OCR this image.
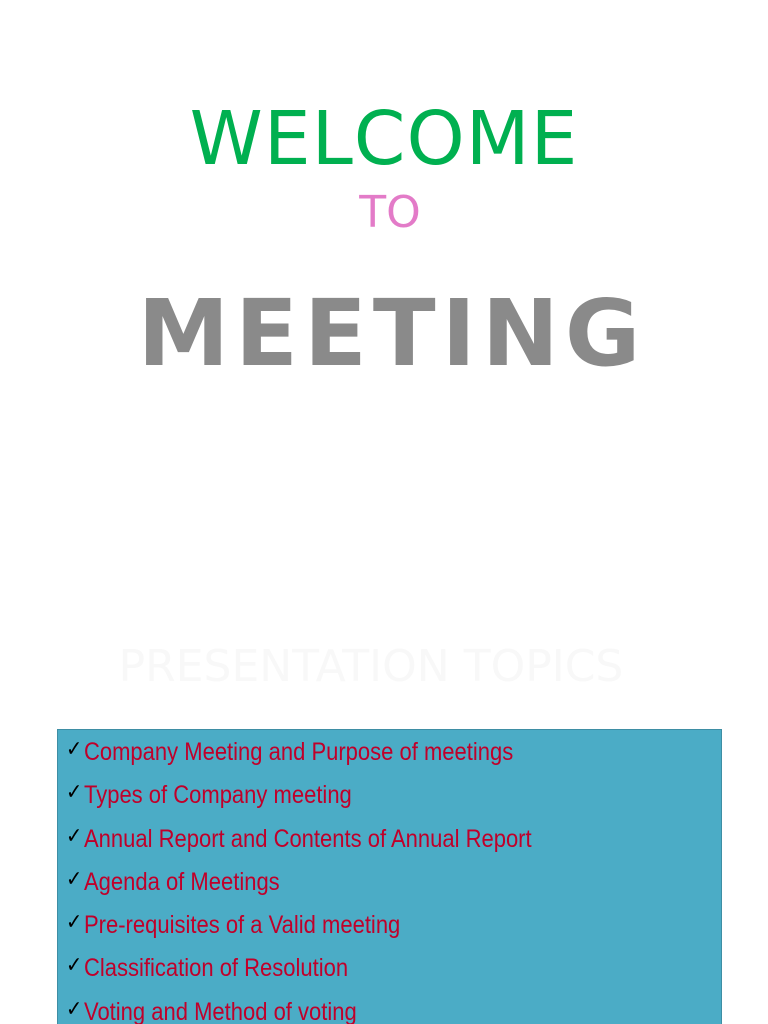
WELCOME
TO
MEETING
PRESENTATION TOPICS
✓ Company Meeting and Purpose of meetings
✓ Types of Company meeting
✓ Annual Report and Contents of Annual Report
✓ Agenda of Meetings
✓ Pre-requisites of a Valid meeting
✓ Classification of Resolution
✓ Voting and Method of voting
